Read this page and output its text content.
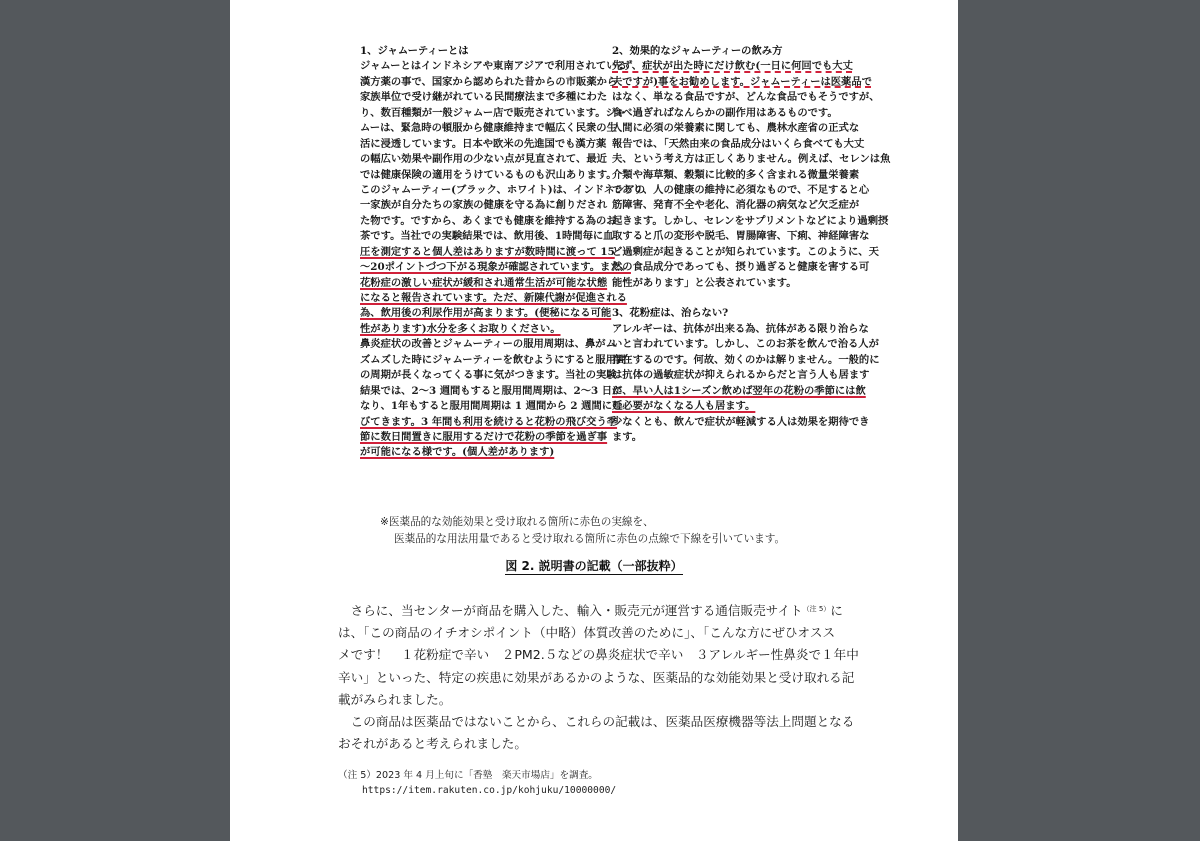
1、ジャムーティーとは
ジャムーとはインドネシアや東南アジアで利用されている
漢方薬の事で、国家から認められた昔からの市販薬から
家族単位で受け継がれている民間療法まで多種にわた
り、数百種類が一般ジャムー店で販売されています。ジャ
ムーは、緊急時の頓服から健康維持まで幅広く民衆の生
活に浸透しています。日本や欧米の先進国でも漢方薬
の幅広い効果や副作用の少ない点が見直されて、最近
では健康保険の適用をうけているものも沢山あります。
このジャムーティー(ブラック、ホワイト)は、インドネシアの
一家族が自分たちの家族の健康を守る為に創りだされ
た物です。ですから、あくまでも健康を維持する為のお
茶です。当社での実験結果では、飲用後、1時間毎に血
圧を測定すると個人差はありますが数時間に渡って 15
～20ポイントづつ下がる現象が確認されています。また、
花粉症の激しい症状が緩和され通常生活が可能な状態
になると報告されています。ただ、新陳代謝が促進される
為、飲用後の利尿作用が高まります。(便秘になる可能
性があります)水分を多くお取りください。
鼻炎症状の改善とジャムーティーの服用周期は、鼻がム
ズムズした時にジャムーティーを飲むようにすると服用間
の周期が長くなってくる事に気がつきます。当社の実験
結果では、2～3 週間もすると服用間周期は、2～3 日に
なり、1年もすると服用間周期は 1 週間から 2 週間に延
びてきます。3 年間も利用を続けると花粉の飛び交う季
節に数日間置きに服用するだけで花粉の季節を過ぎ事
が可能になる様です。(個人差があります)
2、効果的なジャムーティーの飲み方
先ず、症状が出た時にだけ飲む(一日に何回でも大丈
夫ですが)事をお勧めします。ジャムーティーは医薬品で
はなく、単なる食品ですが、どんな食品でもそうですが、
食べ過ぎればなんらかの副作用はあるものです。
人間に必須の栄養素に関しても、農林水産省の正式な
報告では、「天然由来の食品成分はいくら食べても大丈
夫、という考え方は正しくありません。例えば、セレンは魚
介類や海草類、穀類に比較的多く含まれる微量栄養素
であり、人の健康の維持に必須なもので、不足すると心
筋障害、発育不全や老化、消化器の病気など欠乏症が
起きます。しかし、セレンをサプリメントなどにより過剰摂
取すると爪の変形や脱毛、胃腸障害、下痢、神経障害な
ど過剰症が起きることが知られています。このように、天
然の食品成分であっても、摂り過ぎると健康を害する可
能性があります」と公表されています。
3、花粉症は、治らない?
アレルギーは、抗体が出来る為、抗体がある限り治らな
いと言われています。しかし、このお茶を飲んで治る人が
存在するのです。何故、効くのかは解りません。一般的に
は抗体の過敏症状が抑えられるからだと言う人も居ます
が、早い人は1シーズン飲めば翌年の花粉の季節には飲
む必要がなくなる人も居ます。
少なくとも、飲んで症状が軽減する人は効果を期待でき
ます。
※医薬品的な効能効果と受け取れる箇所に赤色の実線を、
医薬品的な用法用量であると受け取れる箇所に赤色の点線で下線を引いています。
図 2. 説明書の記載（一部抜粋）
　さらに、当センターが商品を購入した、輸入・販売元が運営する通信販売サイト$^{(注 5)}$に
は、「この商品のイチオシポイント（中略）体質改善のために」、「こんな方にぜひオスス
メです！　１花粉症で辛い　２PM2.５などの鼻炎症状で辛い　３アレルギー性鼻炎で１年中
辛い」といった、特定の疾患に効果があるかのような、医薬品的な効能効果と受け取れる記
載がみられました。
　この商品は医薬品ではないことから、これらの記載は、医薬品医療機器等法上問題となる
おそれがあると考えられました。
（注 5）2023 年 4 月上旬に「香塾　楽天市場店」を調査。
https://item.rakuten.co.jp/kohjuku/10000000/
